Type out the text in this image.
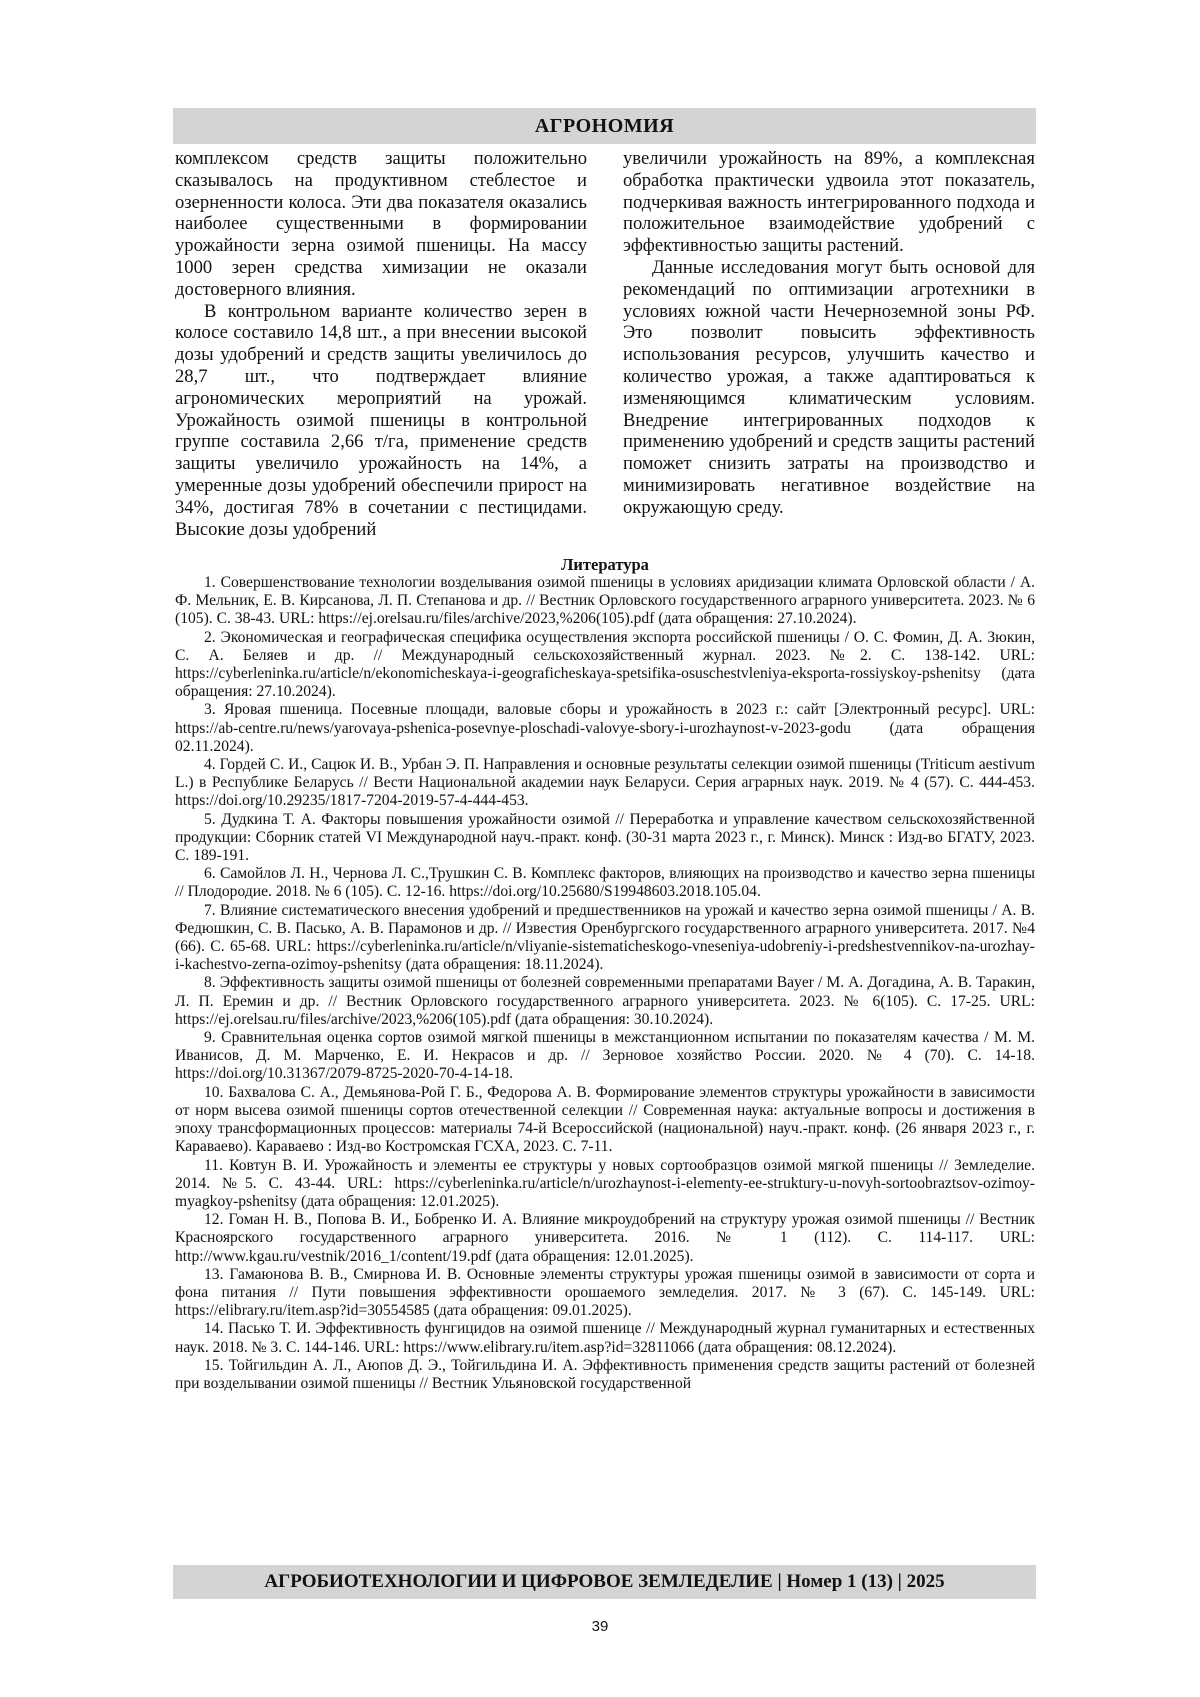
АГРОНОМИЯ

комплексом средств защиты положительно сказывалось на продуктивном стеблестое и озерненности колоса. Эти два показателя оказались наиболее существенными в формировании урожайности зерна озимой пшеницы. На массу 1000 зерен средства химизации не оказали достоверного влияния.

В контрольном варианте количество зерен в колосе составило 14,8 шт., а при внесении высокой дозы удобрений и средств защиты увеличилось до 28,7 шт., что подтверждает влияние агрономических мероприятий на урожай. Урожайность озимой пшеницы в контрольной группе составила 2,66 т/га, применение средств защиты увеличило урожайность на 14%, а умеренные дозы удобрений обеспечили прирост на 34%, достигая 78% в сочетании с пестицидами. Высокие дозы удобрений

увеличили урожайность на 89%, а комплексная обработка практически удвоила этот показатель, подчеркивая важность интегрированного подхода и положительное взаимодействие удобрений с эффективностью защиты растений.

Данные исследования могут быть основой для рекомендаций по оптимизации агротехники в условиях южной части Нечерноземной зоны РФ. Это позволит повысить эффективность использования ресурсов, улучшить качество и количество урожая, а также адаптироваться к изменяющимся климатическим условиям. Внедрение интегрированных подходов к применению удобрений и средств защиты растений поможет снизить затраты на производство и минимизировать негативное воздействие на окружающую среду.

Литература

1. Совершенствование технологии возделывания озимой пшеницы в условиях аридизации климата Орловской области / А. Ф. Мельник, Е. В. Кирсанова, Л. П. Степанова и др. // Вестник Орловского государственного аграрного университета. 2023. № 6 (105). С. 38-43. URL: https://ej.orelsau.ru/files/archive/2023,%206(105).pdf (дата обращения: 27.10.2024).

2. Экономическая и географическая специфика осуществления экспорта российской пшеницы / О. С. Фомин, Д. А. Зюкин, С. А. Беляев и др. // Международный сельскохозяйственный журнал. 2023. №2. С. 138-142. URL: https://cyberleninka.ru/article/n/ekonomicheskaya-i-geograficheskaya-spetsifika-osuschestvleniya-eksporta-rossiyskoy-pshenitsy (дата обращения: 27.10.2024).

3. Яровая пшеница. Посевные площади, валовые сборы и урожайность в 2023 г.: сайт [Электронный ресурс]. URL: https://ab-centre.ru/news/yarovaya-pshenica-posevnye-ploschadi-valovye-sbory-i-urozhaynost-v-2023-godu (дата обращения 02.11.2024).

4. Гордей С. И., Сацюк И. В., Урбан Э. П. Направления и основные результаты селекции озимой пшеницы (Triticum aestivum L.) в Республике Беларусь // Вести Национальной академии наук Беларуси. Серия аграрных наук. 2019. № 4 (57). С. 444-453. https://doi.org/10.29235/1817-7204-2019-57-4-444-453.

5. Дудкина Т. А. Факторы повышения урожайности озимой // Переработка и управление качеством сельскохозяйственной продукции: Сборник статей VI Международной науч.-практ. конф. (30-31 марта 2023 г., г. Минск). Минск : Изд-во БГАТУ, 2023. С. 189-191.

6. Самойлов Л. Н., Чернова Л. С.,Трушкин С. В. Комплекс факторов, влияющих на производство и качество зерна пшеницы // Плодородие. 2018. № 6 (105). С. 12-16. https://doi.org/10.25680/S19948603.2018.105.04.

7. Влияние систематического внесения удобрений и предшественников на урожай и качество зерна озимой пшеницы / А. В. Федюшкин, С. В. Пасько, А. В. Парамонов и др. // Известия Оренбургского государственного аграрного университета. 2017. №4 (66). С. 65-68. URL: https://cyberleninka.ru/article/n/vliyanie-sistematicheskogo-vneseniya-udobreniy-i-predshestvennikov-na-urozhay-i-kachestvo-zerna-ozimoy-pshenitsy (дата обращения: 18.11.2024).

8. Эффективность защиты озимой пшеницы от болезней современными препаратами Bayer / М. А. Догадина, А. В. Таракин, Л. П. Еремин и др. // Вестник Орловского государственного аграрного университета. 2023. № 6(105). С. 17-25. URL: https://ej.orelsau.ru/files/archive/2023,%206(105).pdf (дата обращения: 30.10.2024).

9. Сравнительная оценка сортов озимой мягкой пшеницы в межстанционном испытании по показателям качества / М. М. Иванисов, Д. М. Марченко, Е. И. Некрасов и др. // Зерновое хозяйство России. 2020. № 4 (70). С. 14-18. https://doi.org/10.31367/2079-8725-2020-70-4-14-18.

10. Бахвалова С. А., Демьянова-Рой Г. Б., Федорова А. В. Формирование элементов структуры урожайности в зависимости от норм высева озимой пшеницы сортов отечественной селекции // Современная наука: актуальные вопросы и достижения в эпоху трансформационных процессов: материалы 74-й Всероссийской (национальной) науч.-практ. конф. (26 января 2023 г., г. Караваево). Караваево : Изд-во Костромская ГСХА, 2023. С. 7-11.

11. Ковтун В. И. Урожайность и элементы ее структуры у новых сортообразцов озимой мягкой пшеницы // Земледелие. 2014. №5. С. 43-44. URL: https://cyberleninka.ru/article/n/urozhaynost-i-elementy-ee-struktury-u-novyh-sortoobraztsov-ozimoy-myagkoy-pshenitsy (дата обращения: 12.01.2025).

12. Гоман Н. В., Попова В. И., Бобренко И. А. Влияние микроудобрений на структуру урожая озимой пшеницы // Вестник Красноярского государственного аграрного университета. 2016. № 1 (112). С. 114-117. URL: http://www.kgau.ru/vestnik/2016_1/content/19.pdf (дата обращения: 12.01.2025).

13. Гамаюнова В. В., Смирнова И. В. Основные элементы структуры урожая пшеницы озимой в зависимости от сорта и фона питания // Пути повышения эффективности орошаемого земледелия. 2017. № 3 (67). С. 145-149. URL: https://elibrary.ru/item.asp?id=30554585 (дата обращения: 09.01.2025).

14. Пасько Т. И. Эффективность фунгицидов на озимой пшенице // Международный журнал гуманитарных и естественных наук. 2018. № 3. С. 144-146. URL: https://www.elibrary.ru/item.asp?id=32811066 (дата обращения: 08.12.2024).

15. Тойгильдин А. Л., Аюпов Д. Э., Тойгильдина И. А. Эффективность применения средств защиты растений от болезней при возделывании озимой пшеницы // Вестник Ульяновской государственной

АГРОБИОТЕХНОЛОГИИ И ЦИФРОВОЕ ЗЕМЛЕДЕЛИЕ | Номер 1 (13) | 2025
39
